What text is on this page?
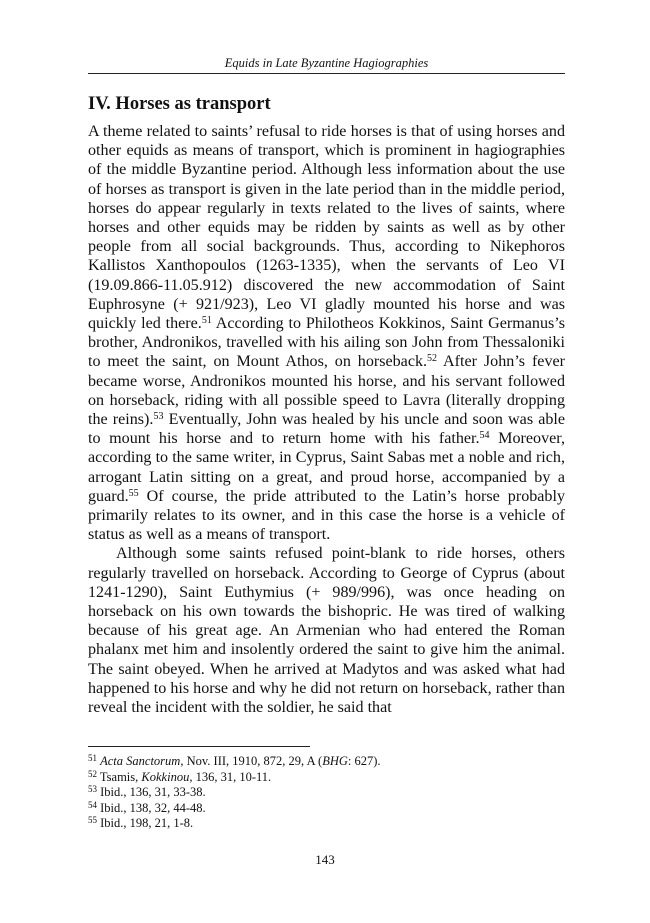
Equids in Late Byzantine Hagiographies
IV. Horses as transport

A theme related to saints’ refusal to ride horses is that of using horses and other equids as means of transport, which is prominent in hagiographies of the middle Byzantine period. Although less information about the use of horses as transport is given in the late period than in the middle period, horses do appear regularly in texts related to the lives of saints, where horses and other equids may be ridden by saints as well as by other people from all social backgrounds. Thus, according to Nikephoros Kallistos Xanthopoulos (1263-1335), when the servants of Leo VI (19.09.866-11.05.912) discovered the new accommodation of Saint Euphrosyne (+ 921/923), Leo VI gladly mounted his horse and was quickly led there.$^{51}$ According to Philotheos Kokkinos, Saint Germanus’s brother, Andronikos, travelled with his ailing son John from Thessaloniki to meet the saint, on Mount Athos, on horseback.$^{52}$ After John’s fever became worse, Andronikos mounted his horse, and his servant followed on horseback, riding with all possible speed to Lavra (literally dropping the reins).$^{53}$ Eventually, John was healed by his uncle and soon was able to mount his horse and to return home with his father.$^{54}$ Moreover, according to the same writer, in Cyprus, Saint Sabas met a noble and rich, arrogant Latin sitting on a great, and proud horse, accompanied by a guard.$^{55}$ Of course, the pride attributed to the Latin’s horse probably primarily relates to its owner, and in this case the horse is a vehicle of status as well as a means of transport.

Although some saints refused point-blank to ride horses, others regularly travelled on horseback. According to George of Cyprus (about 1241-1290), Saint Euthymius (+ 989/996), was once heading on horseback on his own towards the bishopric. He was tired of walking because of his great age. An Armenian who had entered the Roman phalanx met him and insolently ordered the saint to give him the animal. The saint obeyed. When he arrived at Madytos and was asked what had happened to his horse and why he did not return on horseback, rather than reveal the incident with the soldier, he said that

$^{51}$ Acta Sanctorum, Nov. III, 1910, 872, 29, A (BHG: 627).
$^{52}$ Tsamis, Kokkinou, 136, 31, 10-11.
$^{53}$ Ibid., 136, 31, 33-38.
$^{54}$ Ibid., 138, 32, 44-48.
$^{55}$ Ibid., 198, 21, 1-8.
143
